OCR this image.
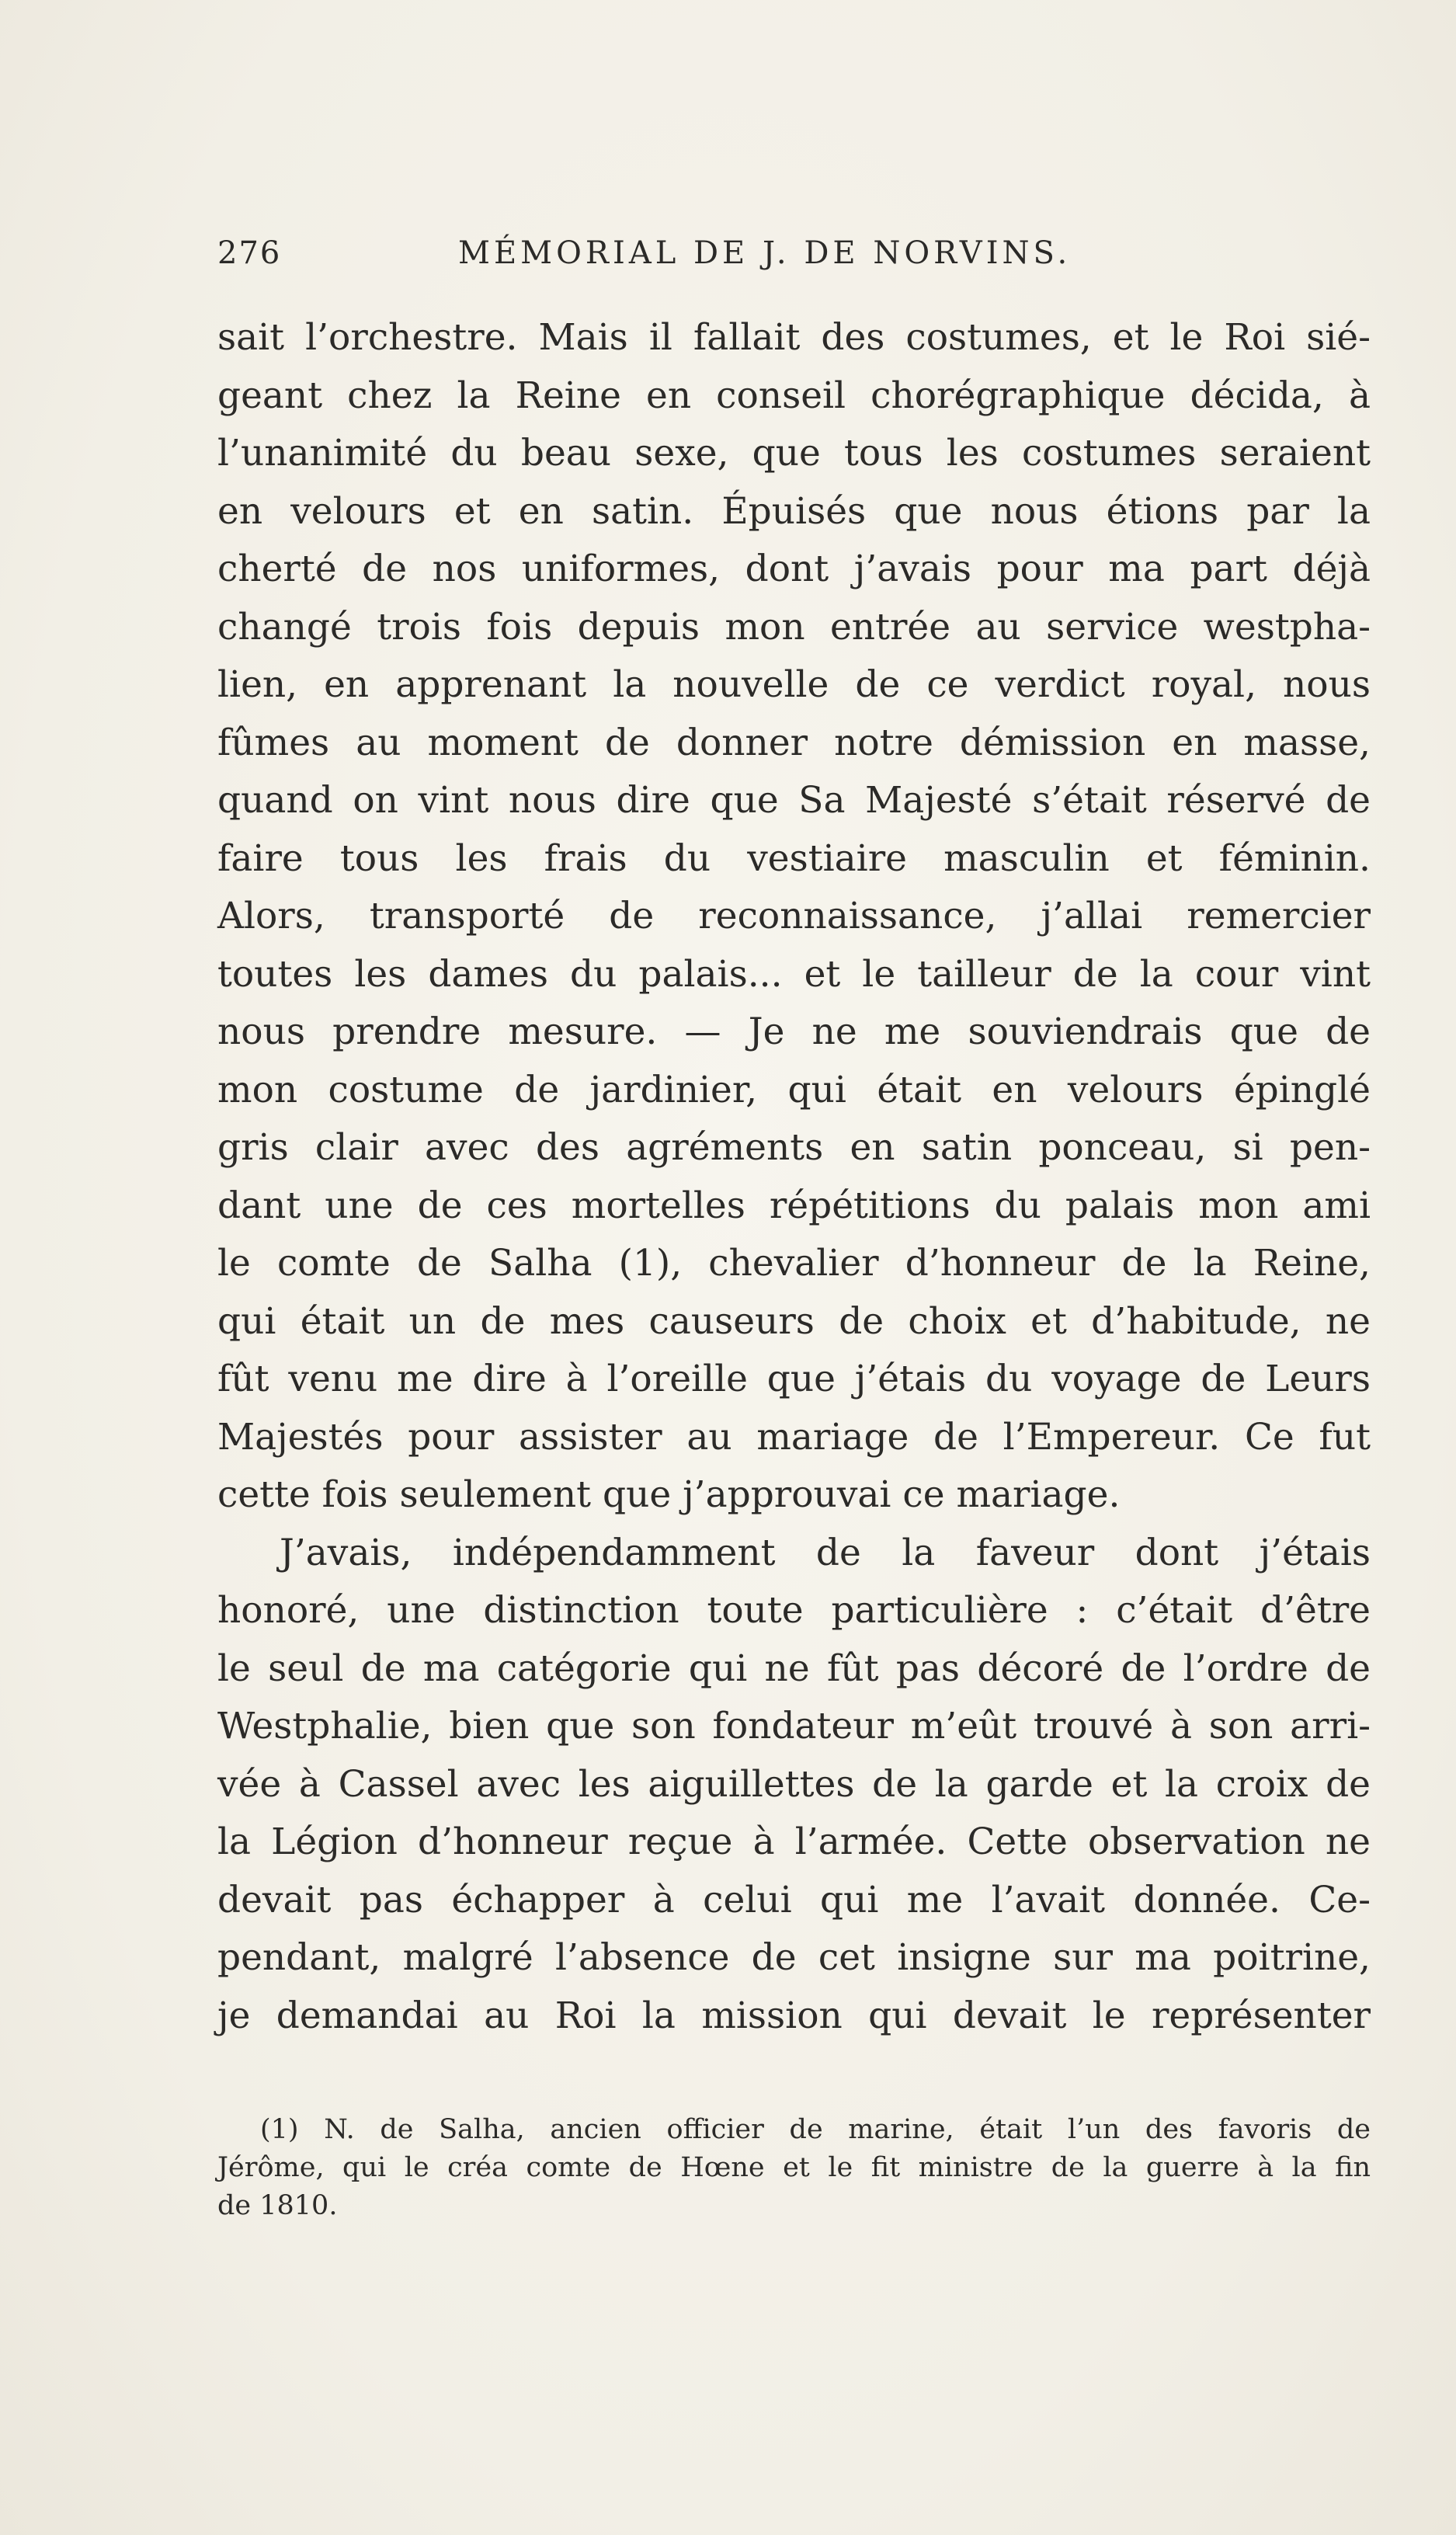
276	MÉMORIAL DE J. DE NORVINS.
sait l’orchestre. Mais il fallait des costumes, et le Roi sié-
geant chez la Reine en conseil chorégraphique décida, à
l’unanimité du beau sexe, que tous les costumes seraient
en velours et en satin. Épuisés que nous étions par la
cherté de nos uniformes, dont j’avais pour ma part déjà
changé trois fois depuis mon entrée au service westpha-
lien, en apprenant la nouvelle de ce verdict royal, nous
fûmes au moment de donner notre démission en masse,
quand on vint nous dire que Sa Majesté s’était réservé de
faire tous les frais du vestiaire masculin et féminin.
Alors, transporté de reconnaissance, j’allai remercier
toutes les dames du palais... et le tailleur de la cour vint
nous prendre mesure. — Je ne me souviendrais que de
mon costume de jardinier, qui était en velours épinglé
gris clair avec des agréments en satin ponceau, si pen-
dant une de ces mortelles répétitions du palais mon ami
le comte de Salha (1), chevalier d’honneur de la Reine,
qui était un de mes causeurs de choix et d’habitude, ne
fût venu me dire à l’oreille que j’étais du voyage de Leurs
Majestés pour assister au mariage de l’Empereur. Ce fut
cette fois seulement que j’approuvai ce mariage.
J’avais, indépendamment de la faveur dont j’étais
honoré, une distinction toute particulière : c’était d’être
le seul de ma catégorie qui ne fût pas décoré de l’ordre de
Westphalie, bien que son fondateur m’eût trouvé à son arri-
vée à Cassel avec les aiguillettes de la garde et la croix de
la Légion d’honneur reçue à l’armée. Cette observation ne
devait pas échapper à celui qui me l’avait donnée. Ce-
pendant, malgré l’absence de cet insigne sur ma poitrine,
je demandai au Roi la mission qui devait le représenter
(1) N. de Salha, ancien officier de marine, était l’un des favoris de
Jérôme, qui le créa comte de Hœne et le fit ministre de la guerre à la fin
de 1810.
